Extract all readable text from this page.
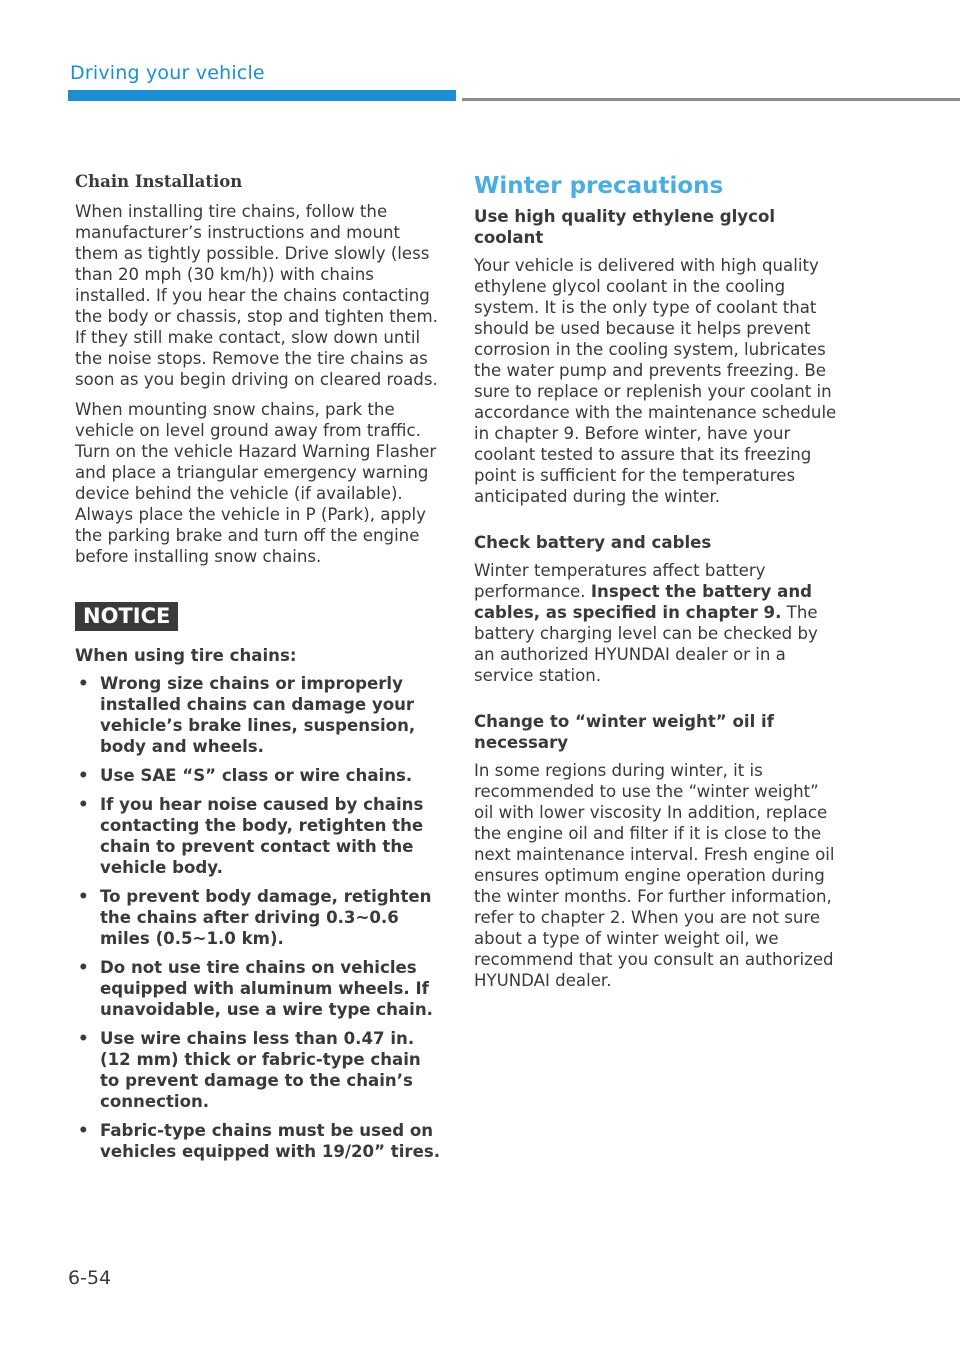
Driving your vehicle
Chain Installation

When installing tire chains, follow the manufacturer’s instructions and mount them as tightly possible. Drive slowly (less than 20 mph (30 km/h)) with chains installed. If you hear the chains contacting the body or chassis, stop and tighten them. If they still make contact, slow down until the noise stops. Remove the tire chains as soon as you begin driving on cleared roads.

When mounting snow chains, park the vehicle on level ground away from traffic. Turn on the vehicle Hazard Warning Flasher and place a triangular emergency warning device behind the vehicle (if available). Always place the vehicle in P (Park), apply the parking brake and turn off the engine before installing snow chains.

NOTICE
When using tire chains:
• Wrong size chains or improperly installed chains can damage your vehicle’s brake lines, suspension, body and wheels.
• Use SAE “S” class or wire chains.
• If you hear noise caused by chains contacting the body, retighten the chain to prevent contact with the vehicle body.
• To prevent body damage, retighten the chains after driving 0.3~0.6 miles (0.5~1.0 km).
• Do not use tire chains on vehicles equipped with aluminum wheels. If unavoidable, use a wire type chain.
• Use wire chains less than 0.47 in. (12 mm) thick or fabric-type chain to prevent damage to the chain’s connection.
• Fabric-type chains must be used on vehicles equipped with 19/20” tires.
Winter precautions
Use high quality ethylene glycol coolant

Your vehicle is delivered with high quality ethylene glycol coolant in the cooling system. It is the only type of coolant that should be used because it helps prevent corrosion in the cooling system, lubricates the water pump and prevents freezing. Be sure to replace or replenish your coolant in accordance with the maintenance schedule in chapter 9. Before winter, have your coolant tested to assure that its freezing point is sufficient for the temperatures anticipated during the winter.

Check battery and cables

Winter temperatures affect battery performance. Inspect the battery and cables, as specified in chapter 9. The battery charging level can be checked by an authorized HYUNDAI dealer or in a service station.

Change to “winter weight” oil if necessary

In some regions during winter, it is recommended to use the “winter weight” oil with lower viscosity In addition, replace the engine oil and filter if it is close to the next maintenance interval. Fresh engine oil ensures optimum engine operation during the winter months. For further information, refer to chapter 2. When you are not sure about a type of winter weight oil, we recommend that you consult an authorized HYUNDAI dealer.

6-54
